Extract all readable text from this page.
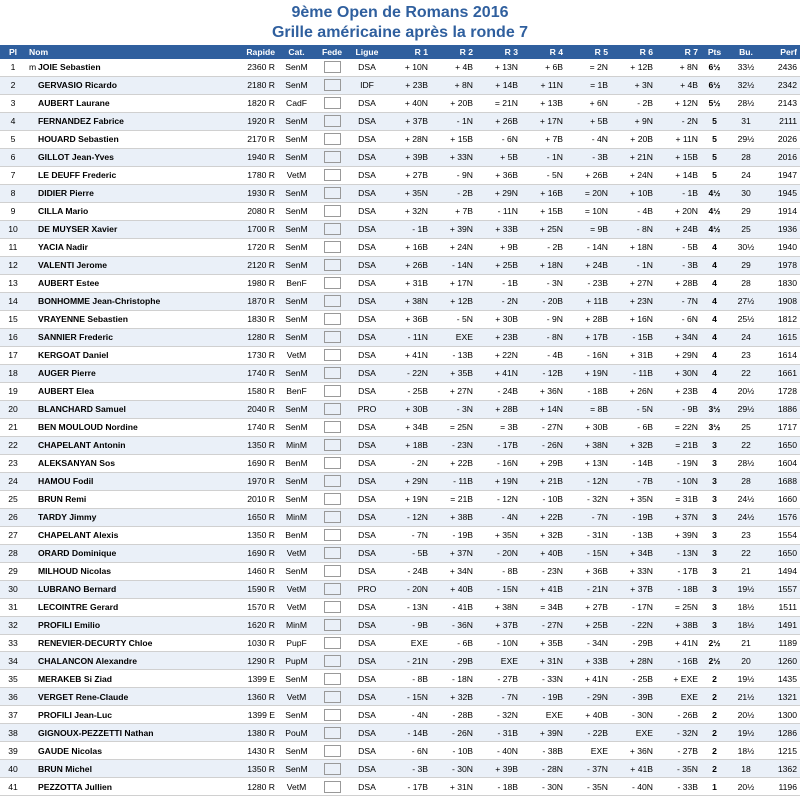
9ème Open de Romans 2016
Grille américaine après la ronde 7
Pl	Nom	Rapide	Cat.	Fede	Ligue	R 1	R 2	R 3	R 4	R 5	R 6	R 7	Pts	Bu.	Perf
1	m JOIE Sebastien	2360 R	SenM		DSA	+ 10N	+ 4B	+ 13N	+ 6B	= 2N	+ 12B	+ 8N	6½	33½	2436
2	GERVASIO Ricardo	2180 R	SenM		IDF	+ 23B	+ 8N	+ 14B	+ 11N	= 1B	+ 3N	+ 4B	6½	32½	2342
3	AUBERT Laurane	1820 R	CadF		DSA	+ 40N	+ 20B	= 21N	+ 13B	+ 6N	- 2B	+ 12N	5½	28½	2143
4	FERNANDEZ Fabrice	1920 R	SenM		DSA	+ 37B	- 1N	+ 26B	+ 17N	+ 5B	+ 9N	- 2N	5	31	2111
5	HOUARD Sebastien	2170 R	SenM		DSA	+ 28N	+ 15B	- 6N	+ 7B	- 4N	+ 20B	+ 11N	5	29½	2026
6	GILLOT Jean-Yves	1940 R	SenM		DSA	+ 39B	+ 33N	+ 5B	- 1N	- 3B	+ 21N	+ 15B	5	28	2016
7	LE DEUFF Frederic	1780 R	VetM		DSA	+ 27B	- 9N	+ 36B	- 5N	+ 26B	+ 24N	+ 14B	5	24	1947
8	DIDIER Pierre	1930 R	SenM		DSA	+ 35N	- 2B	+ 29N	+ 16B	= 20N	+ 10B	- 1B	4½	30	1945
9	CILLA Mario	2080 R	SenM		DSA	+ 32N	+ 7B	- 11N	+ 15B	= 10N	- 4B	+ 20N	4½	29	1914
10	DE MUYSER Xavier	1700 R	SenM		DSA	- 1B	+ 39N	+ 33B	+ 25N	= 9B	- 8N	+ 24B	4½	25	1936
11	YACIA Nadir	1720 R	SenM		DSA	+ 16B	+ 24N	+ 9B	- 2B	- 14N	+ 18N	- 5B	4	30½	1940
12	VALENTI Jerome	2120 R	SenM		DSA	+ 26B	- 14N	+ 25B	+ 18N	+ 24B	- 1N	- 3B	4	29	1978
13	AUBERT Estee	1980 R	BenF		DSA	+ 31B	+ 17N	- 1B	- 3N	- 23B	+ 27N	+ 28B	4	28	1830
14	BONHOMME Jean-Christophe	1870 R	SenM		DSA	+ 38N	+ 12B	- 2N	- 20B	+ 11B	+ 23N	- 7N	4	27½	1908
15	VRAYENNE Sebastien	1830 R	SenM		DSA	+ 36B	- 5N	+ 30B	- 9N	+ 28B	+ 16N	- 6N	4	25½	1812
16	SANNIER Frederic	1280 R	SenM		DSA	- 11N	EXE	+ 23B	- 8N	+ 17B	- 15B	+ 34N	4	24	1615
17	KERGOAT Daniel	1730 R	VetM		DSA	+ 41N	- 13B	+ 22N	- 4B	- 16N	+ 31B	+ 29N	4	23	1614
18	AUGER Pierre	1740 R	SenM		DSA	- 22N	+ 35B	+ 41N	- 12B	+ 19N	- 11B	+ 30N	4	22	1661
19	AUBERT Elea	1580 R	BenF		DSA	- 25B	+ 27N	- 24B	+ 36N	- 18B	+ 26N	+ 23B	4	20½	1728
20	BLANCHARD Samuel	2040 R	SenM		PRO	+ 30B	- 3N	+ 28B	+ 14N	= 8B	- 5N	- 9B	3½	29½	1886
21	BEN MOULOUD Nordine	1740 R	SenM		DSA	+ 34B	= 25N	= 3B	- 27N	+ 30B	- 6B	= 22N	3½	25	1717
22	CHAPELANT Antonin	1350 R	MinM		DSA	+ 18B	- 23N	- 17B	- 26N	+ 38N	+ 32B	= 21B	3	22	1650
23	ALEKSANYAN Sos	1690 R	BenM		DSA	- 2N	+ 22B	- 16N	+ 29B	+ 13N	- 14B	- 19N	3	28½	1604
24	HAMOU Fodil	1970 R	SenM		DSA	+ 29N	- 11B	+ 19N	+ 21B	- 12N	- 7B	- 10N	3	28	1688
25	BRUN Remi	2010 R	SenM		DSA	+ 19N	= 21B	- 12N	- 10B	- 32N	+ 35N	= 31B	3	24½	1660
26	TARDY Jimmy	1650 R	MinM		DSA	- 12N	+ 38B	- 4N	+ 22B	- 7N	- 19B	+ 37N	3	24½	1576
27	CHAPELANT Alexis	1350 R	BenM		DSA	- 7N	- 19B	+ 35N	+ 32B	- 31N	- 13B	+ 39N	3	23	1554
28	ORARD Dominique	1690 R	VetM		DSA	- 5B	+ 37N	- 20N	+ 40B	- 15N	+ 34B	- 13N	3	22	1650
29	MILHOUD Nicolas	1460 R	SenM		DSA	- 24B	+ 34N	- 8B	- 23N	+ 36B	+ 33N	- 17B	3	21	1494
30	LUBRANO Bernard	1590 R	VetM		PRO	- 20N	+ 40B	- 15N	+ 41B	- 21N	+ 37B	- 18B	3	19½	1557
31	LECOINTRE Gerard	1570 R	VetM		DSA	- 13N	- 41B	+ 38N	= 34B	+ 27B	- 17N	= 25N	3	18½	1511
32	PROFILI Emilio	1620 R	MinM		DSA	- 9B	- 36N	+ 37B	- 27N	+ 25B	- 22N	+ 38B	3	18½	1491
33	RENEVIER-DECURTY Chloe	1030 R	PupF		DSA	EXE	- 6B	- 10N	+ 35B	- 34N	- 29B	+ 41N	2½	21	1189
34	CHALANCON Alexandre	1290 R	PupM		DSA	- 21N	- 29B	EXE	+ 31N	+ 33B	+ 28N	- 16B	2½	20	1260
35	MERAKEB Si Ziad	1399 E	SenM		DSA	- 8B	- 18N	- 27B	- 33N	+ 41N	- 25B	+ EXE	2	19½	1435
36	VERGET Rene-Claude	1360 R	VetM		DSA	- 15N	+ 32B	- 7N	- 19B	- 29N	- 39B	EXE	2	21½	1321
37	PROFILI Jean-Luc	1399 E	SenM		DSA	- 4N	- 28B	- 32N	EXE	+ 40B	- 30N	- 26B	2	20½	1300
38	GIGNOUX-PEZZETTI Nathan	1380 R	PouM		DSA	- 14B	- 26N	- 31B	+ 39N	- 22B	EXE	- 32N	2	19½	1286
39	GAUDE Nicolas	1430 R	SenM		DSA	- 6N	- 10B	- 40N	- 38B	EXE	+ 36N	- 27B	2	18½	1215
40	BRUN Michel	1350 R	SenM		DSA	- 3B	- 30N	+ 39B	- 28N	- 37N	+ 41B	- 35N	2	18	1362
41	PEZZOTTA Jullien	1280 R	VetM		DSA	- 17B	+ 31N	- 18B	- 30N	- 35N	- 40N	- 33B	1	20½	1196
